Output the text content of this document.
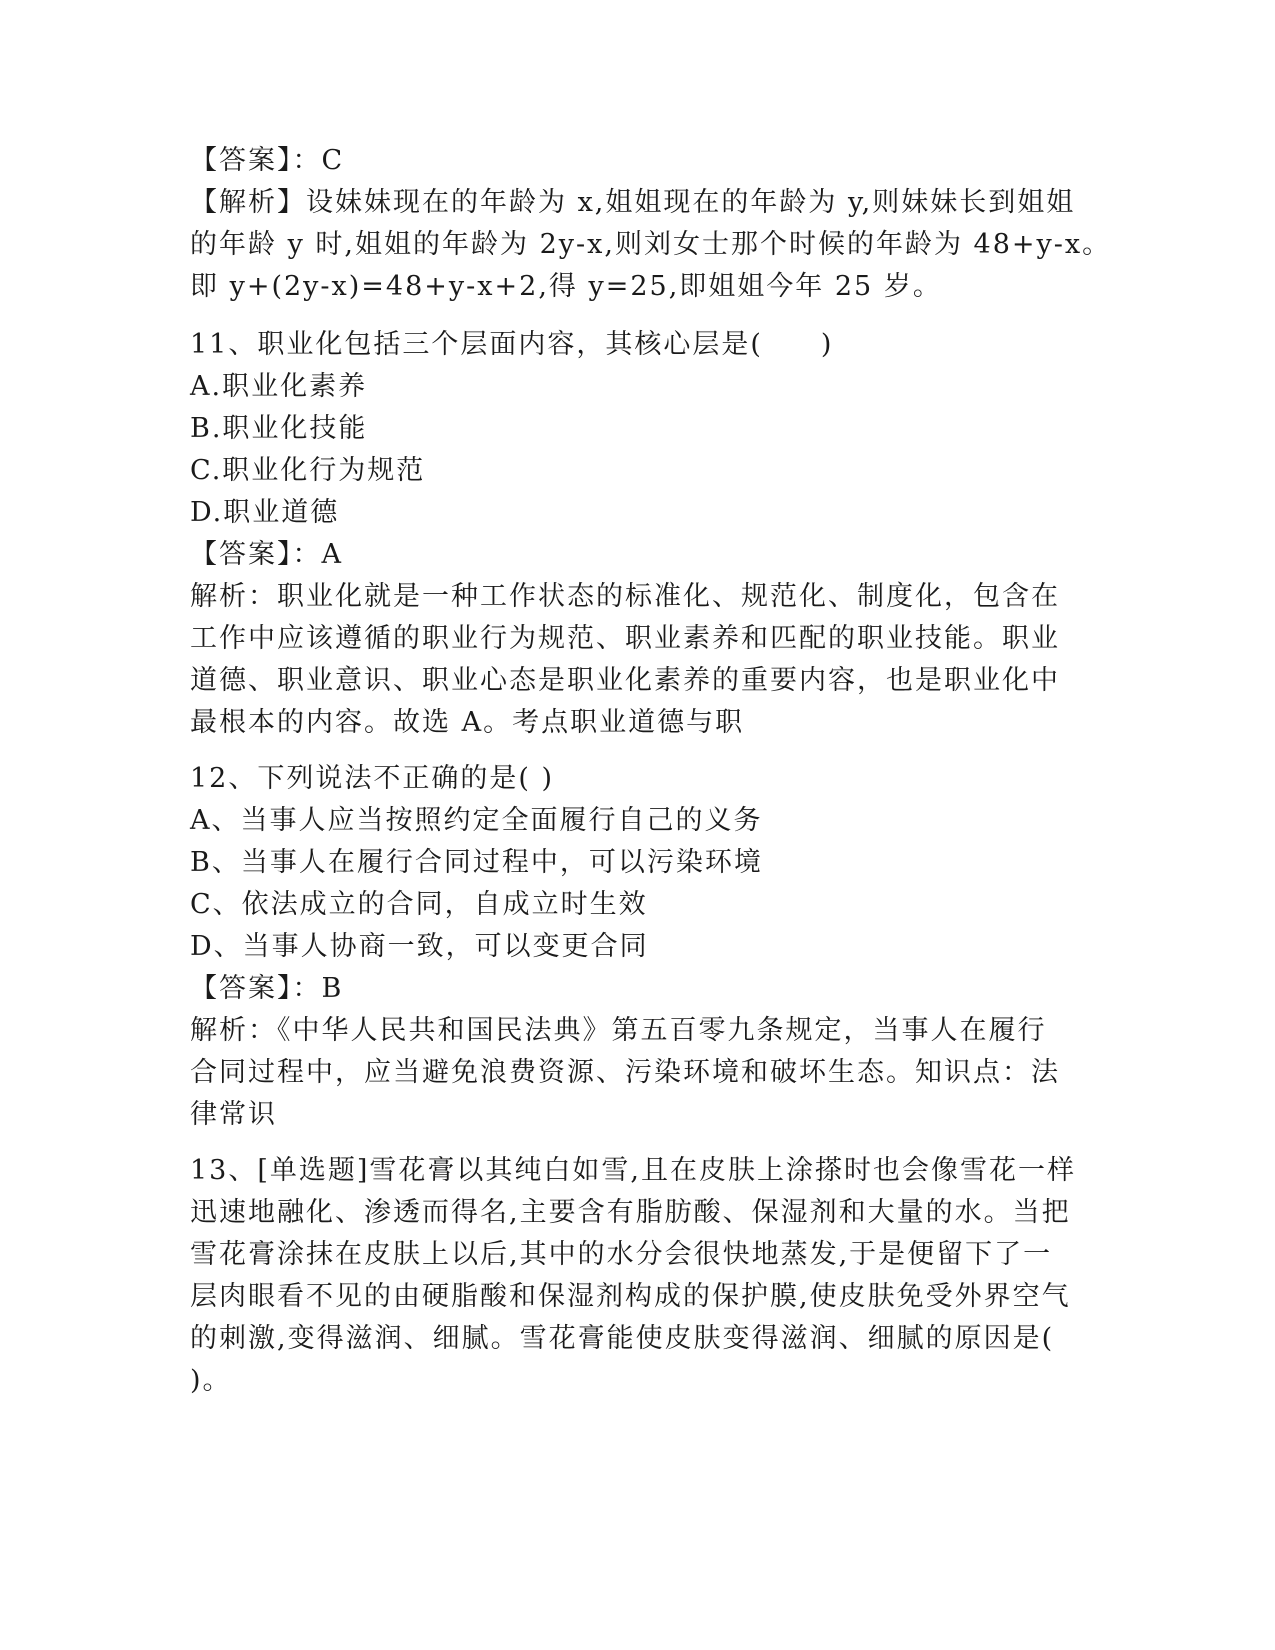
【答案】：C
【解析】设妹妹现在的年龄为 x,姐姐现在的年龄为 y,则妹妹长到姐姐
的年龄 y 时,姐姐的年龄为 2y-x,则刘女士那个时候的年龄为 48+y-x。
即 y+(2y-x)=48+y-x+2,得 y=25,即姐姐今年 25 岁。
11、职业化包括三个层面内容，其核心层是(　　)
A.职业化素养
B.职业化技能
C.职业化行为规范
D.职业道德
【答案】：A
解析：职业化就是一种工作状态的标准化、规范化、制度化，包含在
工作中应该遵循的职业行为规范、职业素养和匹配的职业技能。职业
道德、职业意识、职业心态是职业化素养的重要内容，也是职业化中
最根本的内容。故选 A。考点职业道德与职
12、下列说法不正确的是( )
A、当事人应当按照约定全面履行自己的义务
B、当事人在履行合同过程中，可以污染环境
C、依法成立的合同，自成立时生效
D、当事人协商一致，可以变更合同
【答案】：B
解析：《中华人民共和国民法典》第五百零九条规定，当事人在履行
合同过程中，应当避免浪费资源、污染环境和破坏生态。知识点：法
律常识
13、[单选题]雪花膏以其纯白如雪,且在皮肤上涂搽时也会像雪花一样
迅速地融化、渗透而得名,主要含有脂肪酸、保湿剂和大量的水。当把
雪花膏涂抹在皮肤上以后,其中的水分会很快地蒸发,于是便留下了一
层肉眼看不见的由硬脂酸和保湿剂构成的保护膜,使皮肤免受外界空气
的刺激,变得滋润、细腻。雪花膏能使皮肤变得滋润、细腻的原因是(
)。
